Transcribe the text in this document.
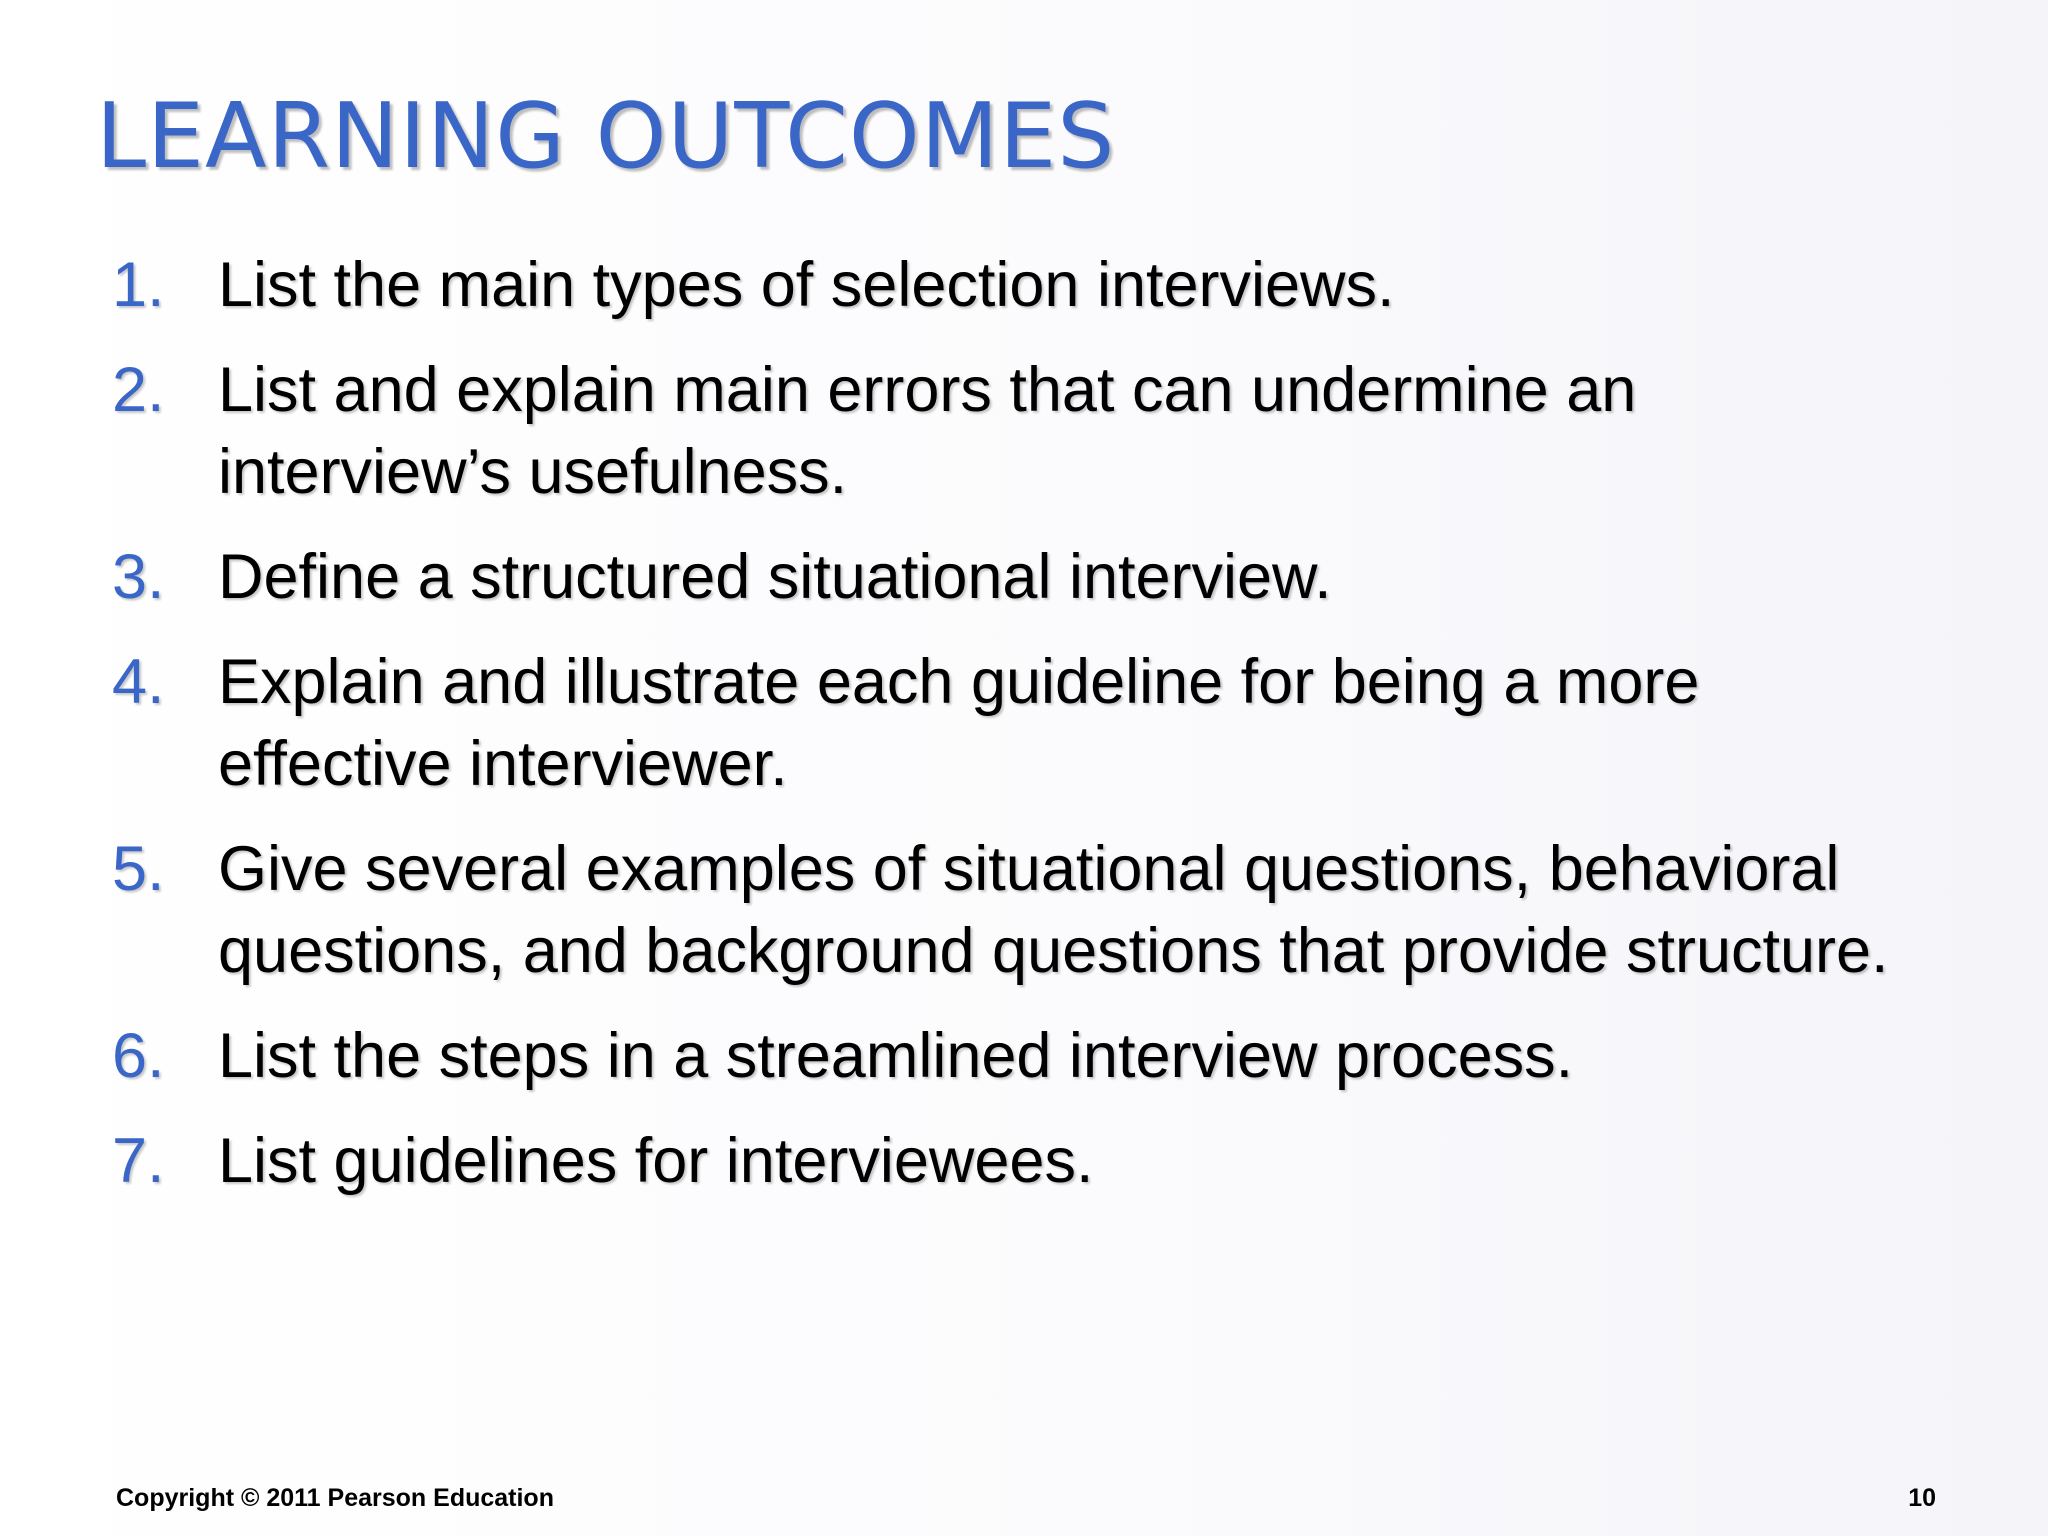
LEARNING OUTCOMES
1. List the main types of selection interviews.
2. List and explain main errors that can undermine an interview’s usefulness.
3. Define a structured situational interview.
4. Explain and illustrate each guideline for being a more effective interviewer.
5. Give several examples of situational questions, behavioral questions, and background questions that provide structure.
6. List the steps in a streamlined interview process.
7. List guidelines for interviewees.
Copyright © 2011 Pearson Education	10
